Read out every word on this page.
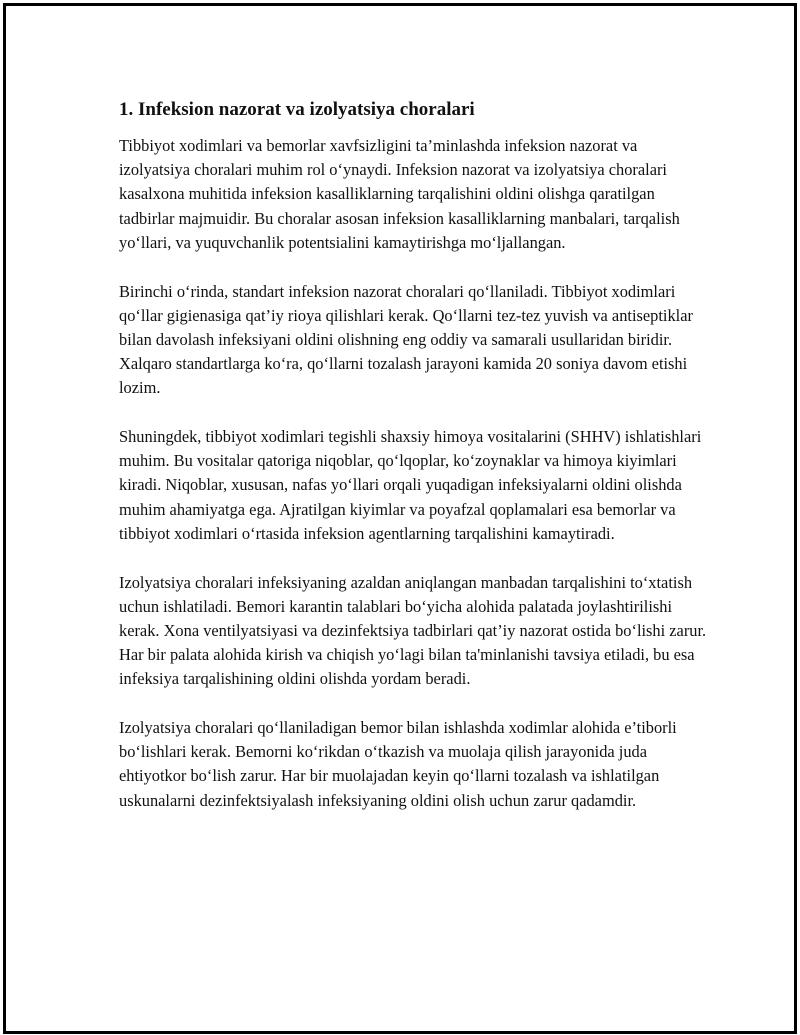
1. Infeksion nazorat va izolyatsiya choralari

Tibbiyot xodimlari va bemorlar xavfsizligini ta’minlashda infeksion nazorat va izolyatsiya choralari muhim rol o‘ynaydi. Infeksion nazorat va izolyatsiya choralari kasalxona muhitida infeksion kasalliklarning tarqalishini oldini olishga qaratilgan tadbirlar majmuidir. Bu choralar asosan infeksion kasalliklarning manbalari, tarqalish yo‘llari, va yuquvchanlik potentsialini kamaytirishga mo‘ljallangan.

Birinchi o‘rinda, standart infeksion nazorat choralari qo‘llaniladi. Tibbiyot xodimlari qo‘llar gigienasiga qat’iy rioya qilishlari kerak. Qo‘llarni tez-tez yuvish va antiseptiklar bilan davolash infeksiyani oldini olishning eng oddiy va samarali usullaridan biridir. Xalqaro standartlarga ko‘ra, qo‘llarni tozalash jarayoni kamida 20 soniya davom etishi lozim.

Shuningdek, tibbiyot xodimlari tegishli shaxsiy himoya vositalarini (SHHV) ishlatishlari muhim. Bu vositalar qatoriga niqoblar, qo‘lqoplar, ko‘zoynaklar va himoya kiyimlari kiradi. Niqoblar, xususan, nafas yo‘llari orqali yuqadigan infeksiyalarni oldini olishda muhim ahamiyatga ega. Ajratilgan kiyimlar va poyafzal qoplamalari esa bemorlar va tibbiyot xodimlari o‘rtasida infeksion agentlarning tarqalishini kamaytiradi.

Izolyatsiya choralari infeksiyaning azaldan aniqlangan manbadan tarqalishini to‘xtatish uchun ishlatiladi. Bemori karantin talablari bo‘yicha alohida palatada joylashtirilishi kerak. Xona ventilyatsiyasi va dezinfektsiya tadbirlari qat’iy nazorat ostida bo‘lishi zarur. Har bir palata alohida kirish va chiqish yo‘lagi bilan ta'minlanishi tavsiya etiladi, bu esa infeksiya tarqalishining oldini olishda yordam beradi.

Izolyatsiya choralari qo‘llaniladigan bemor bilan ishlashda xodimlar alohida e’tiborli bo‘lishlari kerak. Bemorni ko‘rikdan o‘tkazish va muolaja qilish jarayonida juda ehtiyotkor bo‘lish zarur. Har bir muolajadan keyin qo‘llarni tozalash va ishlatilgan uskunalarni dezinfektsiyalash infeksiyaning oldini olish uchun zarur qadamdir.
